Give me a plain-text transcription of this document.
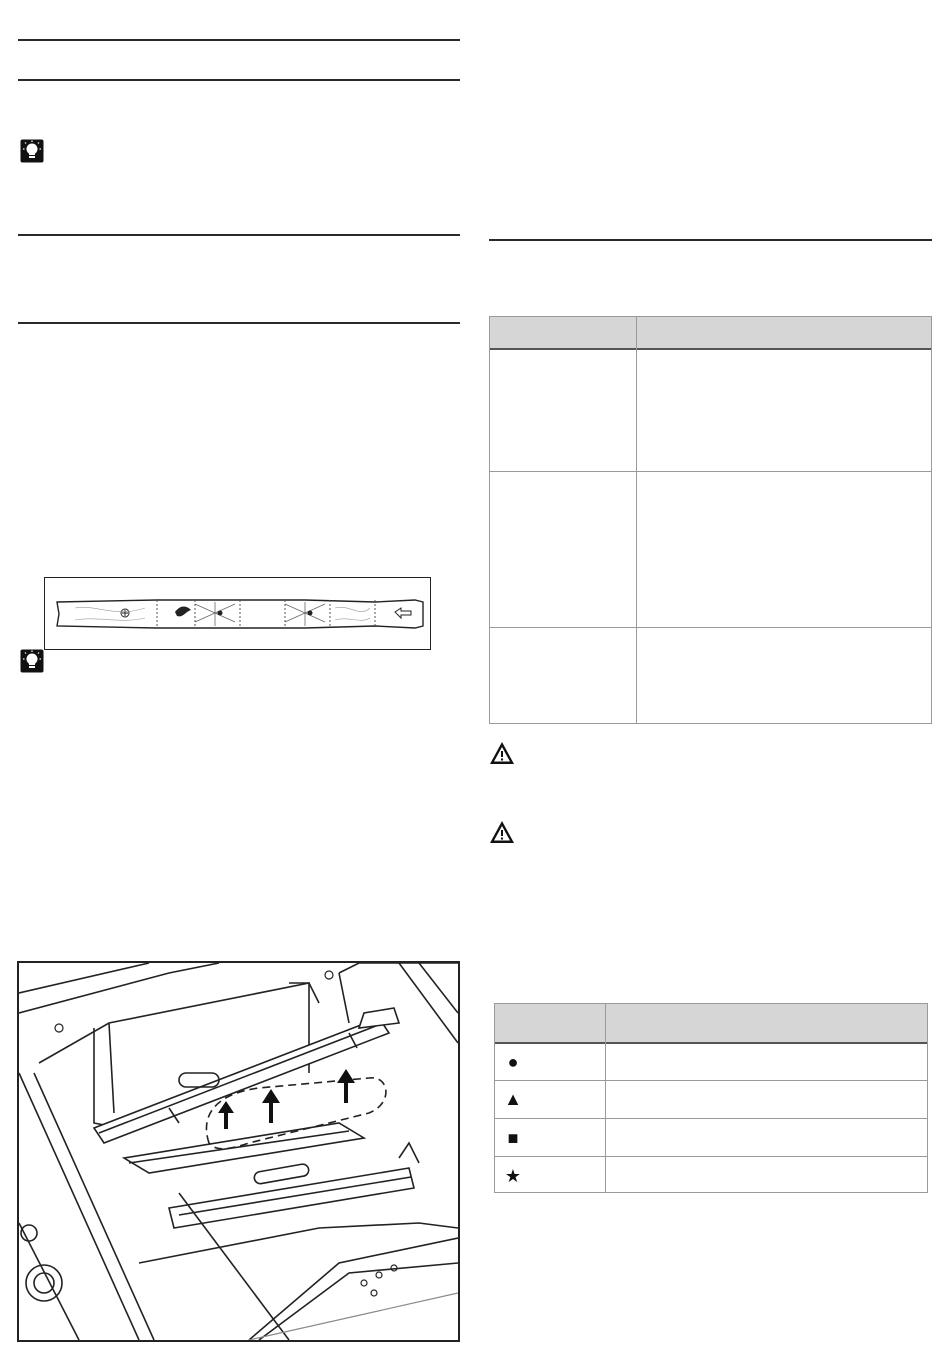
●
▲
■
★
